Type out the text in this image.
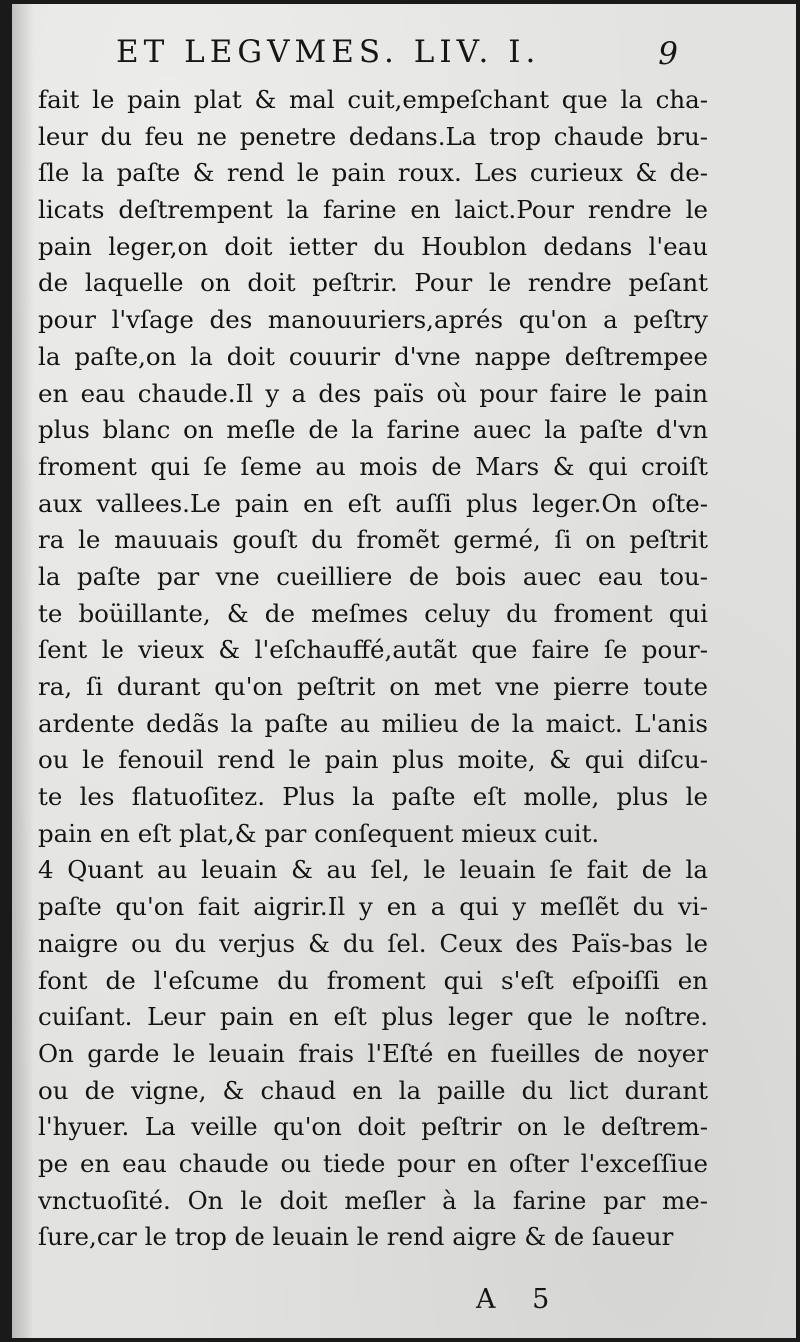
ET LEGVMES. LIV. I.	9
fait le pain plat & mal cuit,empeſchant que la cha-
leur du feu ne penetre dedans.La trop chaude bru-
ſle la paſte & rend le pain roux. Les curieux & de-
licats deſtrempent la farine en laict.Pour rendre le
pain leger,on doit ietter du Houblon dedans l'eau
de laquelle on doit peſtrir. Pour le rendre peſant
pour l'vſage des manouuriers,aprés qu'on a peſtry
la paſte,on la doit couurir d'vne nappe deſtrempee
en eau chaude.Il y a des païs où pour faire le pain
plus blanc on meſle de la farine auec la paſte d'vn
froment qui ſe ſeme au mois de Mars & qui croiſt
aux vallees.Le pain en eſt auſſi plus leger.On oſte-
ra le mauuais gouſt du fromẽt germé, ſi on peſtrit
la paſte par vne cueilliere de bois auec eau tou-
te boüillante, & de meſmes celuy du froment qui
ſent le vieux & l'eſchauffé,autãt que faire ſe pour-
ra, ſi durant qu'on peſtrit on met vne pierre toute
ardente dedãs la paſte au milieu de la maict. L'anis
ou le fenouil rend le pain plus moite, & qui diſcu-
te les flatuoſitez. Plus la paſte eſt molle, plus le
pain en eſt plat,& par conſequent mieux cuit.
4 Quant au leuain & au ſel, le leuain ſe fait de la
paſte qu'on fait aigrir.Il y en a qui y meſlẽt du vi-
naigre ou du verjus & du ſel. Ceux des Païs-bas le
font de l'eſcume du froment qui s'eſt eſpoiſſi en
cuiſant. Leur pain en eſt plus leger que le noſtre.
On garde le leuain frais l'Eſté en fueilles de noyer
ou de vigne, & chaud en la paille du lict durant
l'hyuer. La veille qu'on doit peſtrir on le deſtrem-
pe en eau chaude ou tiede pour en oſter l'exceſſiue
vnctuoſité. On le doit meſler à la farine par me-
ſure,car le trop de leuain le rend aigre & de ſaueur
A 5
